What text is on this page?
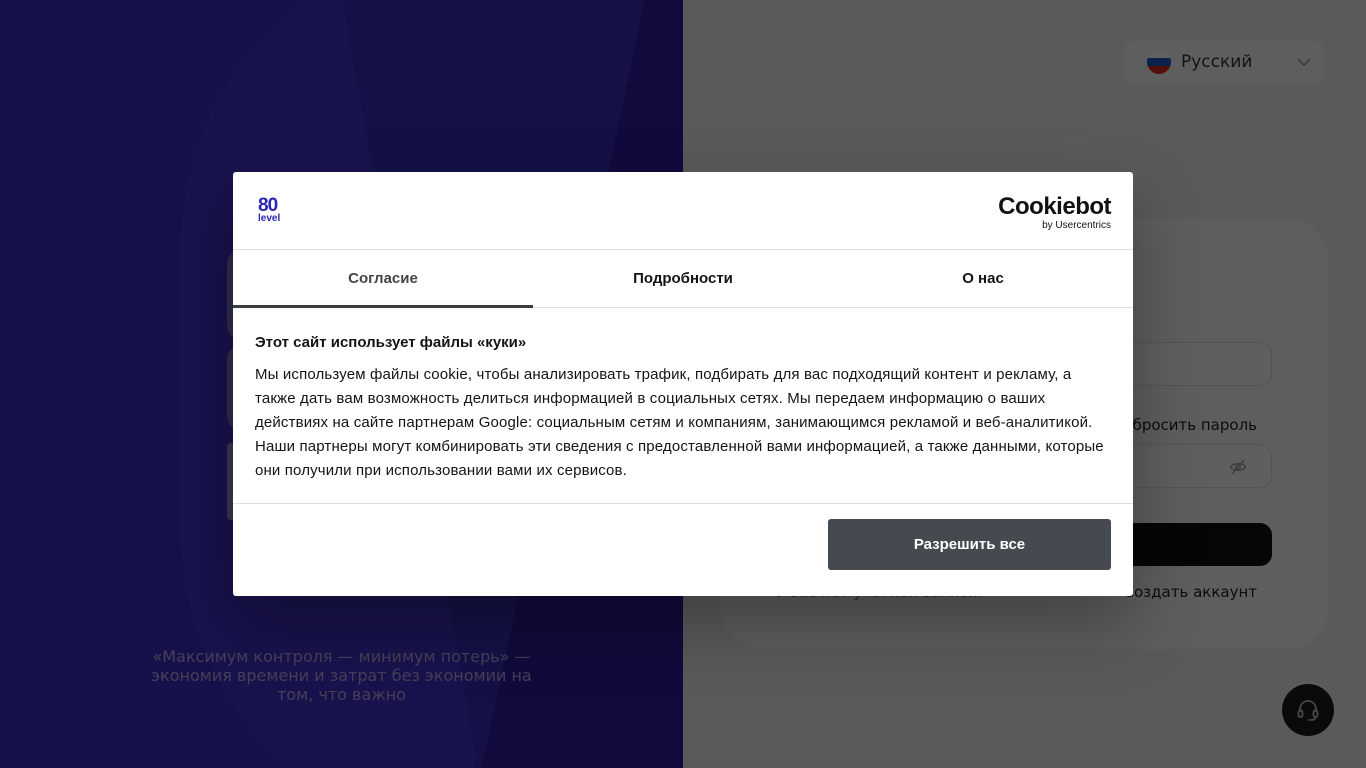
80
level	Cookiebot
by Usercentrics
Согласие	Подробности	О нас

Этот сайт использует файлы «куки»

Мы используем файлы cookie, чтобы анализировать трафик, подбирать для вас подходящий контент и рекламу, а также дать вам возможность делиться информацией в социальных сетях. Мы передаем информацию о ваших действиях на сайте партнерам Google: социальным сетям и компаниям, занимающимся рекламой и веб-аналитикой. Наши партнеры могут комбинировать эти сведения с предоставленной вами информацией, а также данными, которые они получили при использовании вами их сервисов.

Разрешить все
